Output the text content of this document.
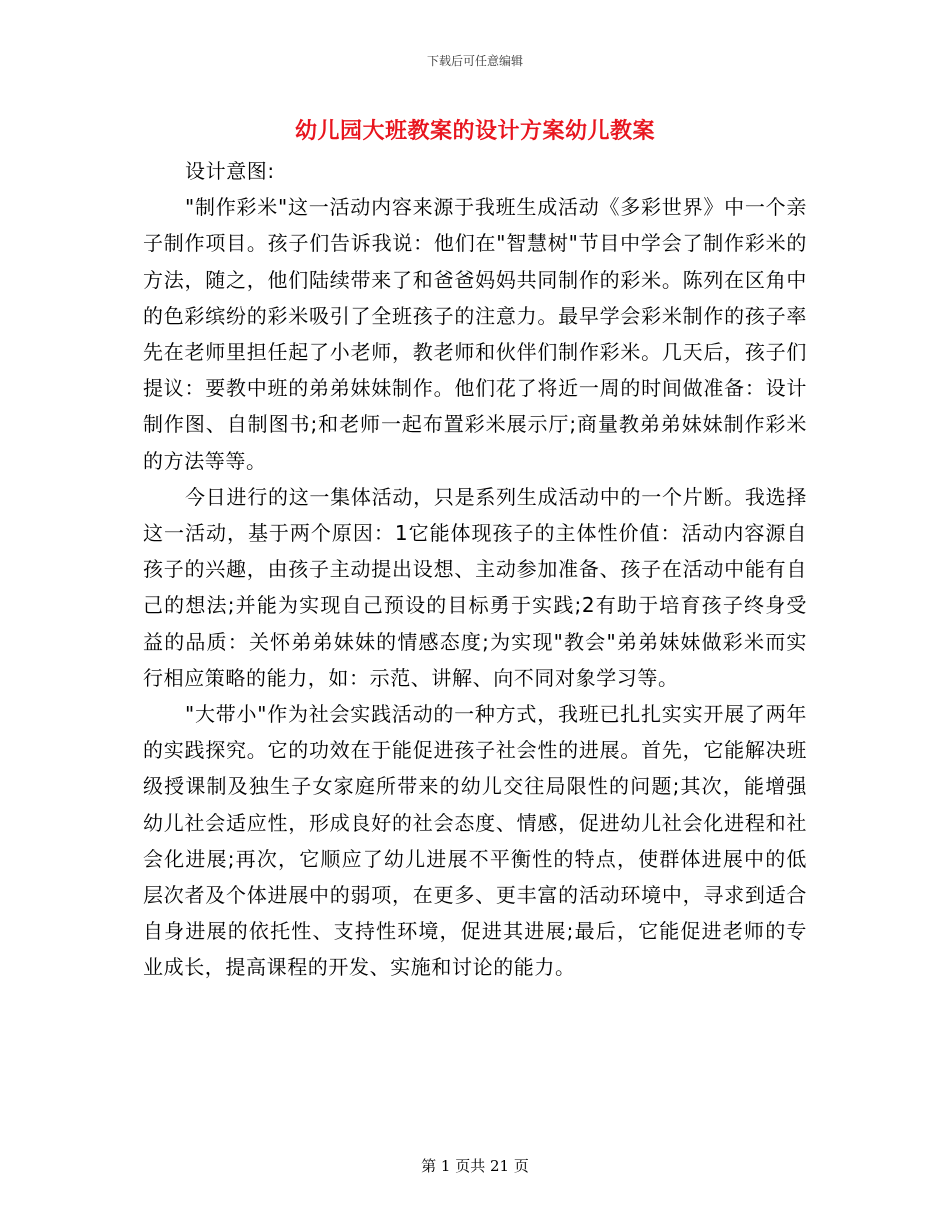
下载后可任意编辑
幼儿园大班教案的设计方案幼儿教案

设计意图:

"制作彩米"这一活动内容来源于我班生成活动《多彩世界》中一个亲子制作项目。孩子们告诉我说：他们在"智慧树"节目中学会了制作彩米的方法，随之，他们陆续带来了和爸爸妈妈共同制作的彩米。陈列在区角中的色彩缤纷的彩米吸引了全班孩子的注意力。最早学会彩米制作的孩子率先在老师里担任起了小老师，教老师和伙伴们制作彩米。几天后，孩子们提议：要教中班的弟弟妹妹制作。他们花了将近一周的时间做准备：设计制作图、自制图书;和老师一起布置彩米展示厅;商量教弟弟妹妹制作彩米的方法等等。

今日进行的这一集体活动，只是系列生成活动中的一个片断。我选择这一活动，基于两个原因：1它能体现孩子的主体性价值：活动内容源自孩子的兴趣，由孩子主动提出设想、主动参加准备、孩子在活动中能有自己的想法;并能为实现自己预设的目标勇于实践;2有助于培育孩子终身受益的品质：关怀弟弟妹妹的情感态度;为实现"教会"弟弟妹妹做彩米而实行相应策略的能力，如：示范、讲解、向不同对象学习等。

"大带小"作为社会实践活动的一种方式，我班已扎扎实实开展了两年的实践探究。它的功效在于能促进孩子社会性的进展。首先，它能解决班级授课制及独生子女家庭所带来的幼儿交往局限性的问题;其次，能增强幼儿社会适应性，形成良好的社会态度、情感，促进幼儿社会化进程和社会化进展;再次，它顺应了幼儿进展不平衡性的特点，使群体进展中的低层次者及个体进展中的弱项，在更多、更丰富的活动环境中，寻求到适合自身进展的依托性、支持性环境，促进其进展;最后，它能促进老师的专业成长，提高课程的开发、实施和讨论的能力。

第 1 页共 21 页
